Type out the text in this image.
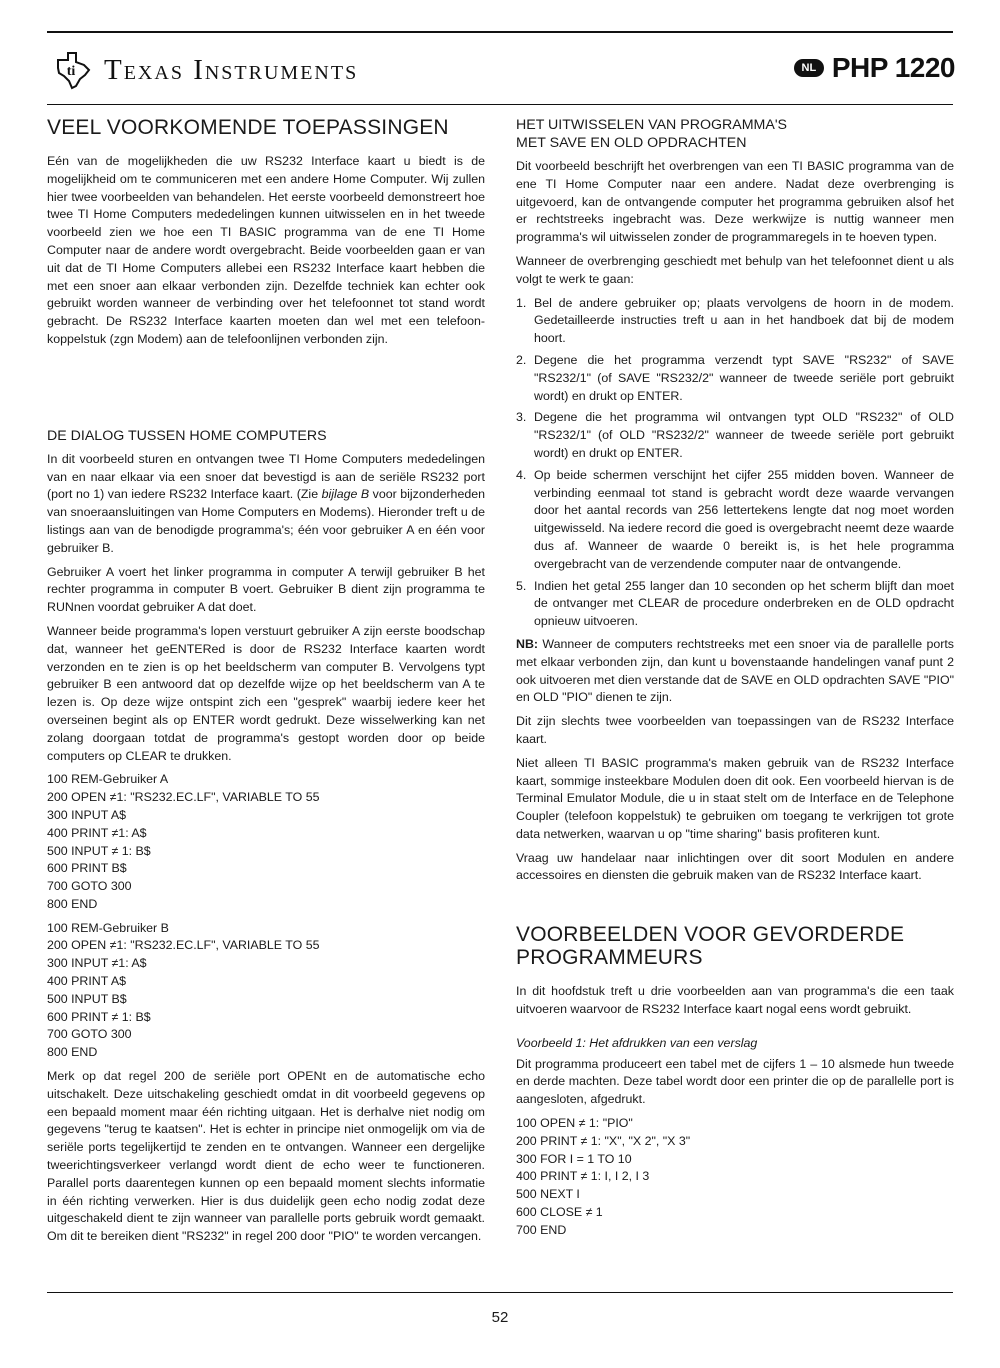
ti Texas Instruments	NL PHP 1220
VEEL VOORKOMENDE TOEPASSINGEN

Eén van de mogelijkheden die uw RS232 Interface kaart u biedt is de mogelijkheid om te communiceren met een andere Home Computer. Wij zullen hier twee voorbeelden van behandelen. Het eerste voorbeeld demonstreert hoe twee TI Home Computers mededelingen kunnen uitwisselen en in het tweede voorbeeld zien we hoe een TI BASIC programma van de ene TI Home Computer naar de andere wordt overgebracht. Beide voorbeelden gaan er van uit dat de TI Home Computers allebei een RS232 Interface kaart hebben die met een snoer aan elkaar verbonden zijn. Dezelfde techniek kan echter ook gebruikt worden wanneer de verbinding over het telefoonnet tot stand wordt gebracht. De RS232 Interface kaarten moeten dan wel met een telefoon-koppelstuk (zgn Modem) aan de telefoonlijnen verbonden zijn.

DE DIALOG TUSSEN HOME COMPUTERS

In dit voorbeeld sturen en ontvangen twee TI Home Computers mededelingen van en naar elkaar via een snoer dat bevestigd is aan de seriële RS232 port (port no 1) van iedere RS232 Interface kaart. (Zie bijlage B voor bijzonderheden van snoeraansluitingen van Home Computers en Modems). Hieronder treft u de listings aan van de benodigde programma's; één voor gebruiker A en één voor gebruiker B.

Gebruiker A voert het linker programma in computer A terwijl gebruiker B het rechter programma in computer B voert. Gebruiker B dient zijn programma te RUNnen voordat gebruiker A dat doet.

Wanneer beide programma's lopen verstuurt gebruiker A zijn eerste boodschap dat, wanneer het geENTERed is door de RS232 Interface kaarten wordt verzonden en te zien is op het beeldscherm van computer B. Vervolgens typt gebruiker B een antwoord dat op dezelfde wijze op het beeldscherm van A te lezen is. Op deze wijze ontspint zich een "gesprek" waarbij iedere keer het overseinen begint als op ENTER wordt gedrukt. Deze wisselwerking kan net zolang doorgaan totdat de programma's gestopt worden door op beide computers op CLEAR te drukken.

100 REM-Gebruiker A
200 OPEN ≠1: "RS232.EC.LF", VARIABLE TO 55
300 INPUT A$
400 PRINT ≠1: A$
500 INPUT ≠ 1: B$
600 PRINT B$
700 GOTO 300
800 END
100 REM-Gebruiker B
200 OPEN ≠1: "RS232.EC.LF", VARIABLE TO 55
300 INPUT ≠1: A$
400 PRINT A$
500 INPUT B$
600 PRINT ≠ 1: B$
700 GOTO 300
800 END

Merk op dat regel 200 de seriële port OPENt en de automatische echo uitschakelt. Deze uitschakeling geschiedt omdat in dit voorbeeld gegevens op een bepaald moment maar één richting uitgaan. Het is derhalve niet nodig om gegevens "terug te kaatsen". Het is echter in principe niet onmogelijk om via de seriële ports tegelijkertijd te zenden en te ontvangen. Wanneer een dergelijke tweerichtingsverkeer verlangd wordt dient de echo weer te functioneren. Parallel ports daarentegen kunnen op een bepaald moment slechts informatie in één richting verwerken. Hier is dus duidelijk geen echo nodig zodat deze uitgeschakeld dient te zijn wanneer van parallelle ports gebruik wordt gemaakt. Om dit te bereiken dient "RS232" in regel 200 door "PIO" te worden vercangen.

HET UITWISSELEN VAN PROGRAMMA'S MET SAVE EN OLD OPDRACHTEN

Dit voorbeeld beschrijft het overbrengen van een TI BASIC programma van de ene TI Home Computer naar een andere. Nadat deze overbrenging is uitgevoerd, kan de ontvangende computer het programma gebruiken alsof het er rechtstreeks ingebracht was. Deze werkwijze is nuttig wanneer men programma's wil uitwisselen zonder de programmaregels in te hoeven typen.

Wanneer de overbrenging geschiedt met behulp van het telefoonnet dient u als volgt te werk te gaan:

1. Bel de andere gebruiker op; plaats vervolgens de hoorn in de modem. Gedetailleerde instructies treft u aan in het handboek dat bij de modem hoort.
2. Degene die het programma verzendt typt SAVE "RS232" of SAVE "RS232/1" (of SAVE "RS232/2" wanneer de tweede seriële port gebruikt wordt) en drukt op ENTER.
3. Degene die het programma wil ontvangen typt OLD "RS232" of OLD "RS232/1" (of OLD "RS232/2" wanneer de tweede seriële port gebruikt wordt) en drukt op ENTER.
4. Op beide schermen verschijnt het cijfer 255 midden boven. Wanneer de verbinding eenmaal tot stand is gebracht wordt deze waarde vervangen door het aantal records van 256 lettertekens lengte dat nog moet worden uitgewisseld. Na iedere record die goed is overgebracht neemt deze waarde dus af. Wanneer de waarde 0 bereikt is, is het hele programma overgebracht van de verzendende computer naar de ontvangende.
5. Indien het getal 255 langer dan 10 seconden op het scherm blijft dan moet de ontvanger met CLEAR de procedure onderbreken en de OLD opdracht opnieuw uitvoeren.

NB: Wanneer de computers rechtstreeks met een snoer via de parallelle ports met elkaar verbonden zijn, dan kunt u bovenstaande handelingen vanaf punt 2 ook uitvoeren met dien verstande dat de SAVE en OLD opdrachten SAVE "PIO" en OLD "PIO" dienen te zijn.

Dit zijn slechts twee voorbeelden van toepassingen van de RS232 Interface kaart.

Niet alleen TI BASIC programma's maken gebruik van de RS232 Interface kaart, sommige insteekbare Modulen doen dit ook. Een voorbeeld hiervan is de Terminal Emulator Module, die u in staat stelt om de Interface en de Telephone Coupler (telefoon koppelstuk) te gebruiken om toegang te verkrijgen tot grote data netwerken, waarvan u op "time sharing" basis profiteren kunt.

Vraag uw handelaar naar inlichtingen over dit soort Modulen en andere accessoires en diensten die gebruik maken van de RS232 Interface kaart.

VOORBEELDEN VOOR GEVORDERDE PROGRAMMEURS

In dit hoofdstuk treft u drie voorbeelden aan van programma's die een taak uitvoeren waarvoor de RS232 Interface kaart nogal eens wordt gebruikt.

Voorbeeld 1: Het afdrukken van een verslag

Dit programma produceert een tabel met de cijfers 1 – 10 alsmede hun tweede en derde machten. Deze tabel wordt door een printer die op de parallelle port is aangesloten, afgedrukt.

100 OPEN ≠ 1: "PIO"
200 PRINT ≠ 1: "X", "X 2", "X 3"
300 FOR I = 1 TO 10
400 PRINT ≠ 1: I, I 2, I 3
500 NEXT I
600 CLOSE ≠ 1
700 END
52
